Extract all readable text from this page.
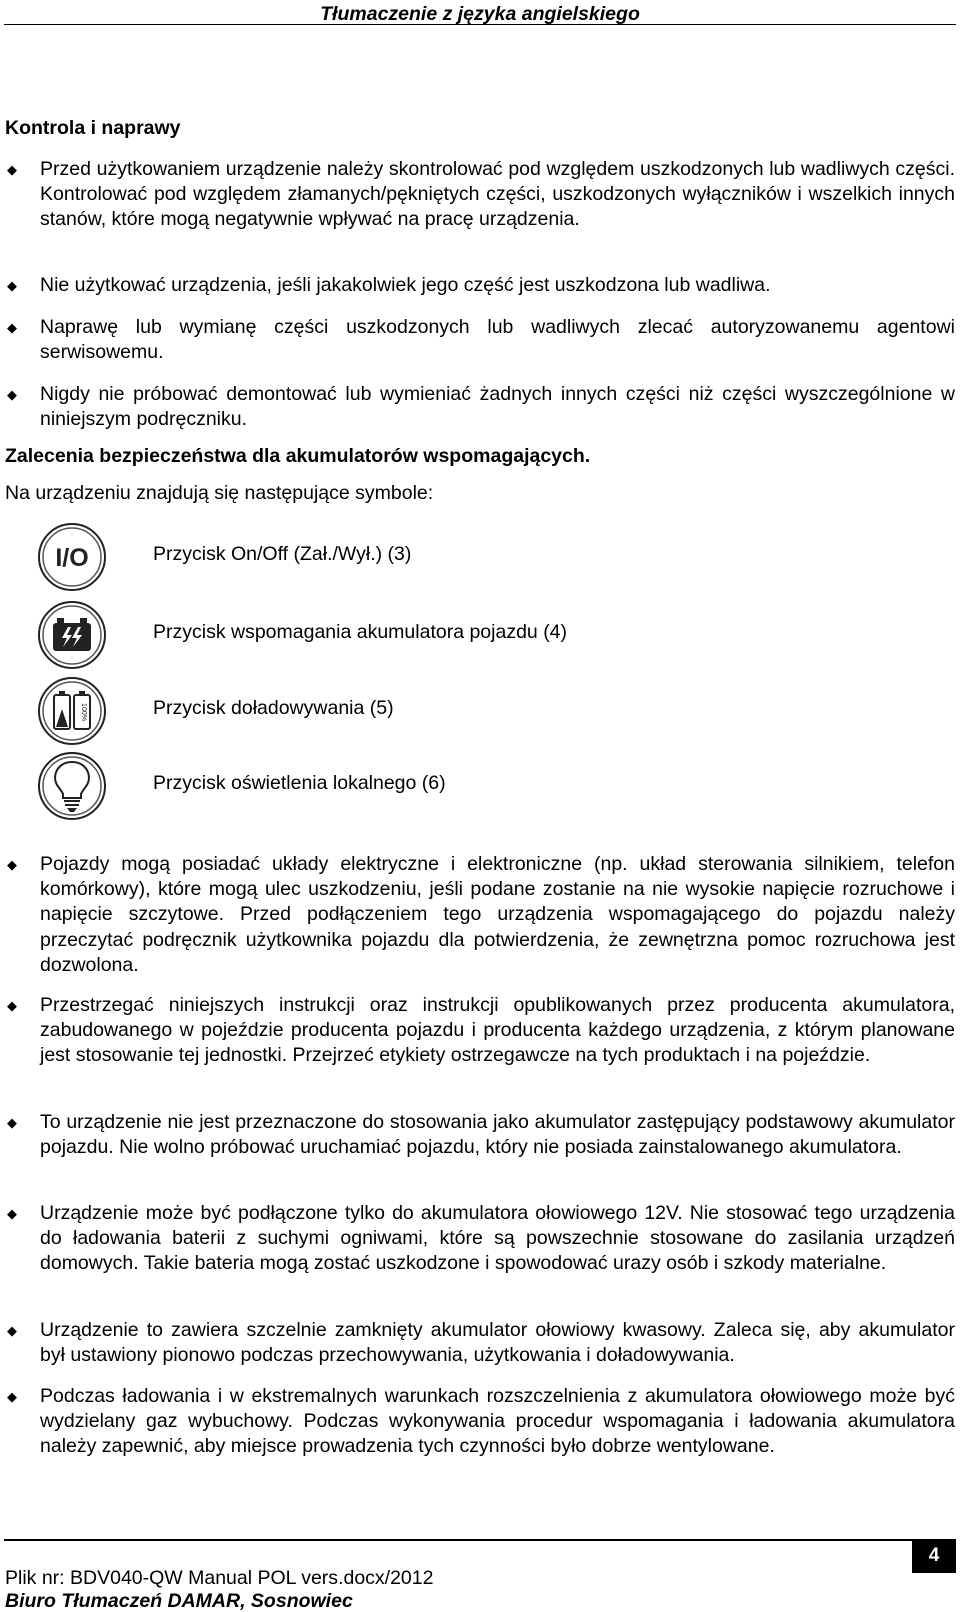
Tłumaczenie z języka angielskiego
Kontrola i naprawy
◆ Przed użytkowaniem urządzenie należy skontrolować pod względem uszkodzonych lub wadliwych części. Kontrolować pod względem złamanych/pękniętych części, uszkodzonych wyłączników i wszelkich innych stanów, które mogą negatywnie wpływać na pracę urządzenia.
◆ Nie użytkować urządzenia, jeśli jakakolwiek jego część jest uszkodzona lub wadliwa.
◆ Naprawę lub wymianę części uszkodzonych lub wadliwych zlecać autoryzowanemu agentowi serwisowemu.
◆ Nigdy nie próbować demontować lub wymieniać żadnych innych części niż części wyszczególnione w niniejszym podręczniku.
Zalecenia bezpieczeństwa dla akumulatorów wspomagających.
Na urządzeniu znajdują się następujące symbole:
I/O	Przycisk On/Off (Zał./Wył.) (3)
Przycisk wspomagania akumulatora pojazdu (4)
100%	Przycisk doładowywania (5)
Przycisk oświetlenia lokalnego (6)
◆ Pojazdy mogą posiadać układy elektryczne i elektroniczne (np. układ sterowania silnikiem, telefon komórkowy), które mogą ulec uszkodzeniu, jeśli podane zostanie na nie wysokie napięcie rozruchowe i napięcie szczytowe. Przed podłączeniem tego urządzenia wspomagającego do pojazdu należy przeczytać podręcznik użytkownika pojazdu dla potwierdzenia, że zewnętrzna pomoc rozruchowa jest dozwolona.
◆ Przestrzegać niniejszych instrukcji oraz instrukcji opublikowanych przez producenta akumulatora, zabudowanego w pojeździe producenta pojazdu i producenta każdego urządzenia, z którym planowane jest stosowanie tej jednostki. Przejrzeć etykiety ostrzegawcze na tych produktach i na pojeździe.
◆ To urządzenie nie jest przeznaczone do stosowania jako akumulator zastępujący podstawowy akumulator pojazdu. Nie wolno próbować uruchamiać pojazdu, który nie posiada zainstalowanego akumulatora.
◆ Urządzenie może być podłączone tylko do akumulatora ołowiowego 12V. Nie stosować tego urządzenia do ładowania baterii z suchymi ogniwami, które są powszechnie stosowane do zasilania urządzeń domowych. Takie bateria mogą zostać uszkodzone i spowodować urazy osób i szkody materialne.
◆ Urządzenie to zawiera szczelnie zamknięty akumulator ołowiowy kwasowy. Zaleca się, aby akumulator był ustawiony pionowo podczas przechowywania, użytkowania i doładowywania.
◆ Podczas ładowania i w ekstremalnych warunkach rozszczelnienia z akumulatora ołowiowego może być wydzielany gaz wybuchowy. Podczas wykonywania procedur wspomagania i ładowania akumulatora należy zapewnić, aby miejsce prowadzenia tych czynności było dobrze wentylowane.
4
Plik nr: BDV040-QW Manual POL vers.docx/2012
Biuro Tłumaczeń DAMAR, Sosnowiec
